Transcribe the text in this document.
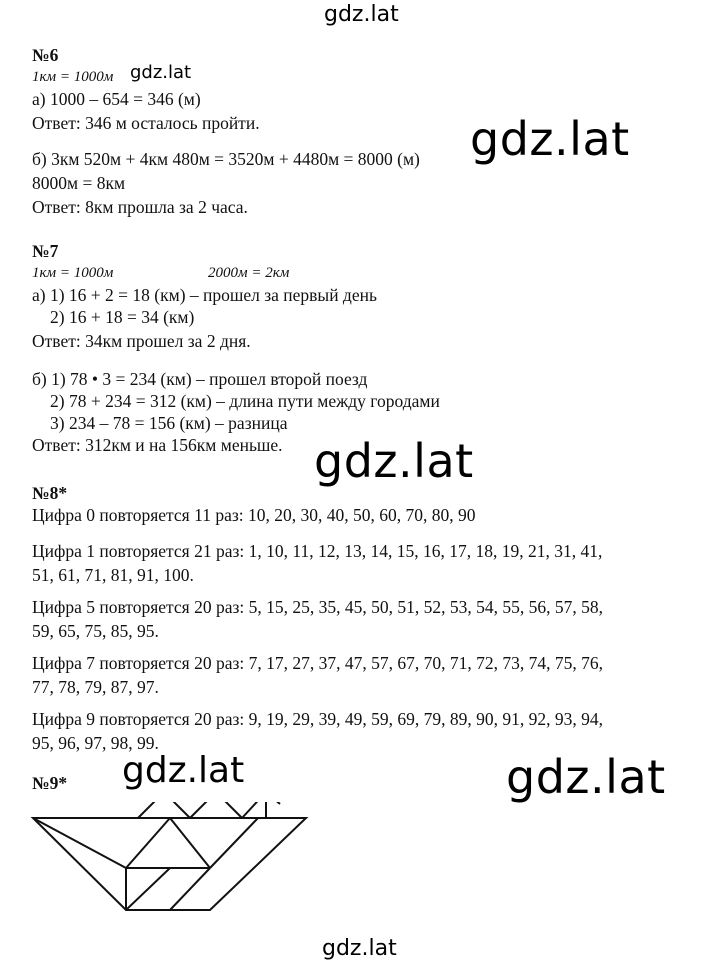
gdz.lat
gdz.lat
gdz.lat
gdz.lat
gdz.lat	gdz.lat
gdz.lat
№6
1км = 1000м
а) 1000 – 654 = 346 (м)
Ответ: 346 м осталось пройти.
б) 3км 520м + 4км 480м = 3520м + 4480м = 8000 (м)
8000м = 8км
Ответ: 8км прошла за 2 часа.
№7
1км = 1000м	2000м = 2км
а) 1) 16 + 2 = 18 (км) – прошел за первый день
2) 16 + 18 = 34 (км)
Ответ: 34км прошел за 2 дня.
б) 1) 78 • 3 = 234 (км) – прошел второй поезд
2) 78 + 234 = 312 (км) – длина пути между городами
3) 234 – 78 = 156 (км) – разница
Ответ: 312км и на 156км меньше.
№8*
Цифра 0 повторяется 11 раз: 10, 20, 30, 40, 50, 60, 70, 80, 90
Цифра 1 повторяется 21 раз: 1, 10, 11, 12, 13, 14, 15, 16, 17, 18, 19, 21, 31, 41,
51, 61, 71, 81, 91, 100.
Цифра 5 повторяется 20 раз: 5, 15, 25, 35, 45, 50, 51, 52, 53, 54, 55, 56, 57, 58,
59, 65, 75, 85, 95.
Цифра 7 повторяется 20 раз: 7, 17, 27, 37, 47, 57, 67, 70, 71, 72, 73, 74, 75, 76,
77, 78, 79, 87, 97.
Цифра 9 повторяется 20 раз: 9, 19, 29, 39, 49, 59, 69, 79, 89, 90, 91, 92, 93, 94,
95, 96, 97, 98, 99.
№9*
